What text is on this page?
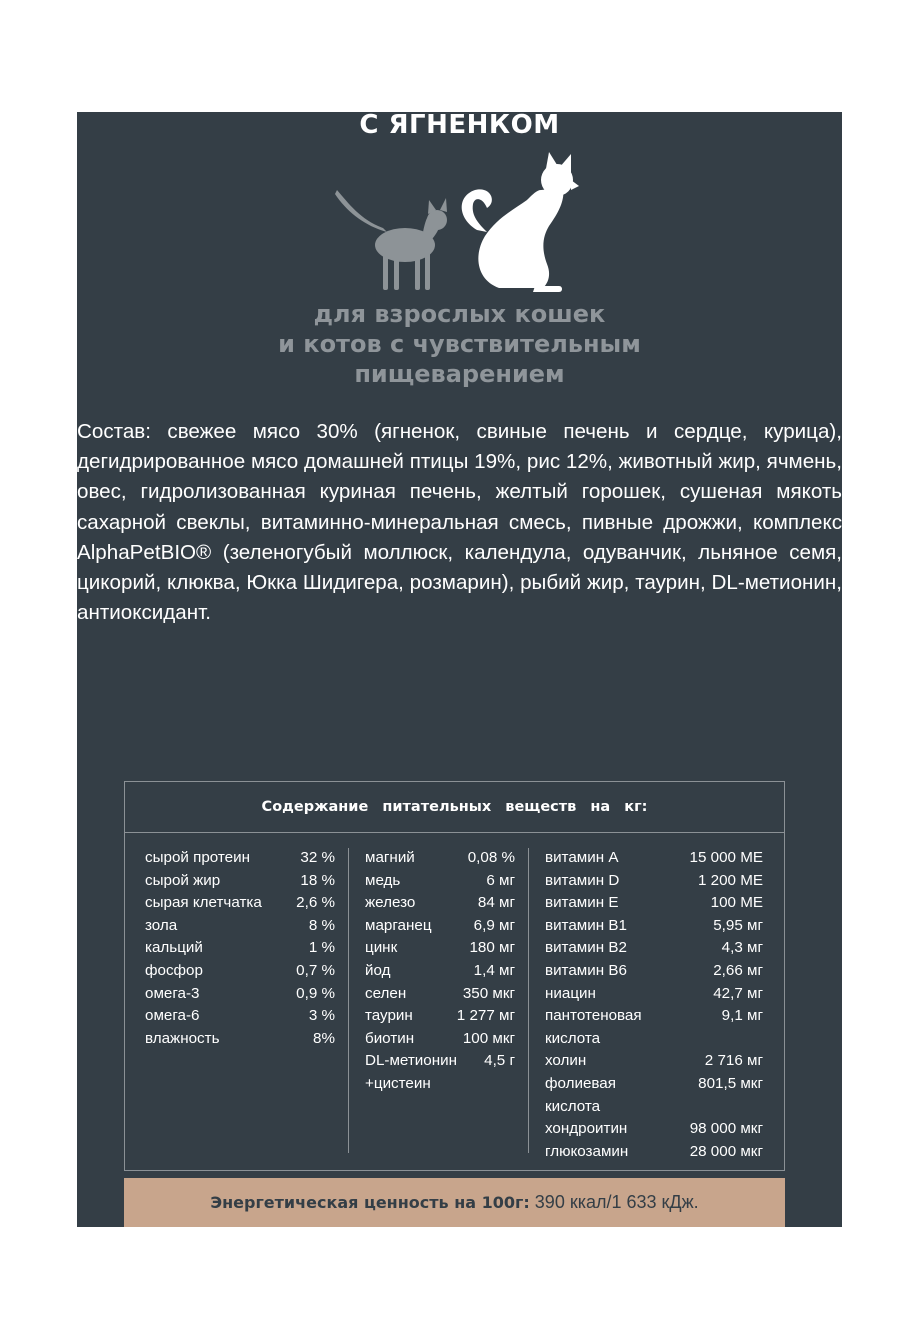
С ЯГНЕНКОМ
для взрослых кошек
и котов с чувствительным
пищеварением

Состав: свежее мясо 30% (ягненок, свиные печень и сердце, курица), дегидрированное мясо домашней птицы 19%, рис 12%, животный жир, ячмень, овес, гидролизованная куриная печень, желтый горошек, сушеная мякоть сахарной свеклы, витаминно-минеральная смесь, пивные дрожжи, комплекс AlphaPetBIO® (зеленогубый моллюск, календула, одуванчик, льняное семя, цикорий, клюква, Юкка Шидигера, розмарин), рыбий жир, таурин, DL-метионин, антиоксидант.

Содержание питательных веществ на кг:
сырой протеин	32 %
сырой жир	18 %
сырая клетчатка	2,6 %
зола	8 %
кальций	1 %
фосфор	0,7 %
омега-3	0,9 %
омега-6	3 %
влажность	8%
магний	0,08 %
медь	6 мг
железо	84 мг
марганец	6,9 мг
цинк	180 мг
йод	1,4 мг
селен	350 мкг
таурин	1 277 мг
биотин	100 мкг
DL-метионин	4,5 г
+цистеин
витамин A	15 000 МЕ
витамин D	1 200 МЕ
витамин E	100 МЕ
витамин B1	5,95 мг
витамин B2	4,3 мг
витамин B6	2,66 мг
ниацин	42,7 мг
пантотеновая	9,1 мг
кислота
холин	2 716 мг
фолиевая	801,5 мкг
кислота
хондроитин	98 000 мкг
глюкозамин	28 000 мкг
Энергетическая ценность на 100г: 390 ккал/1 633 кДж.
